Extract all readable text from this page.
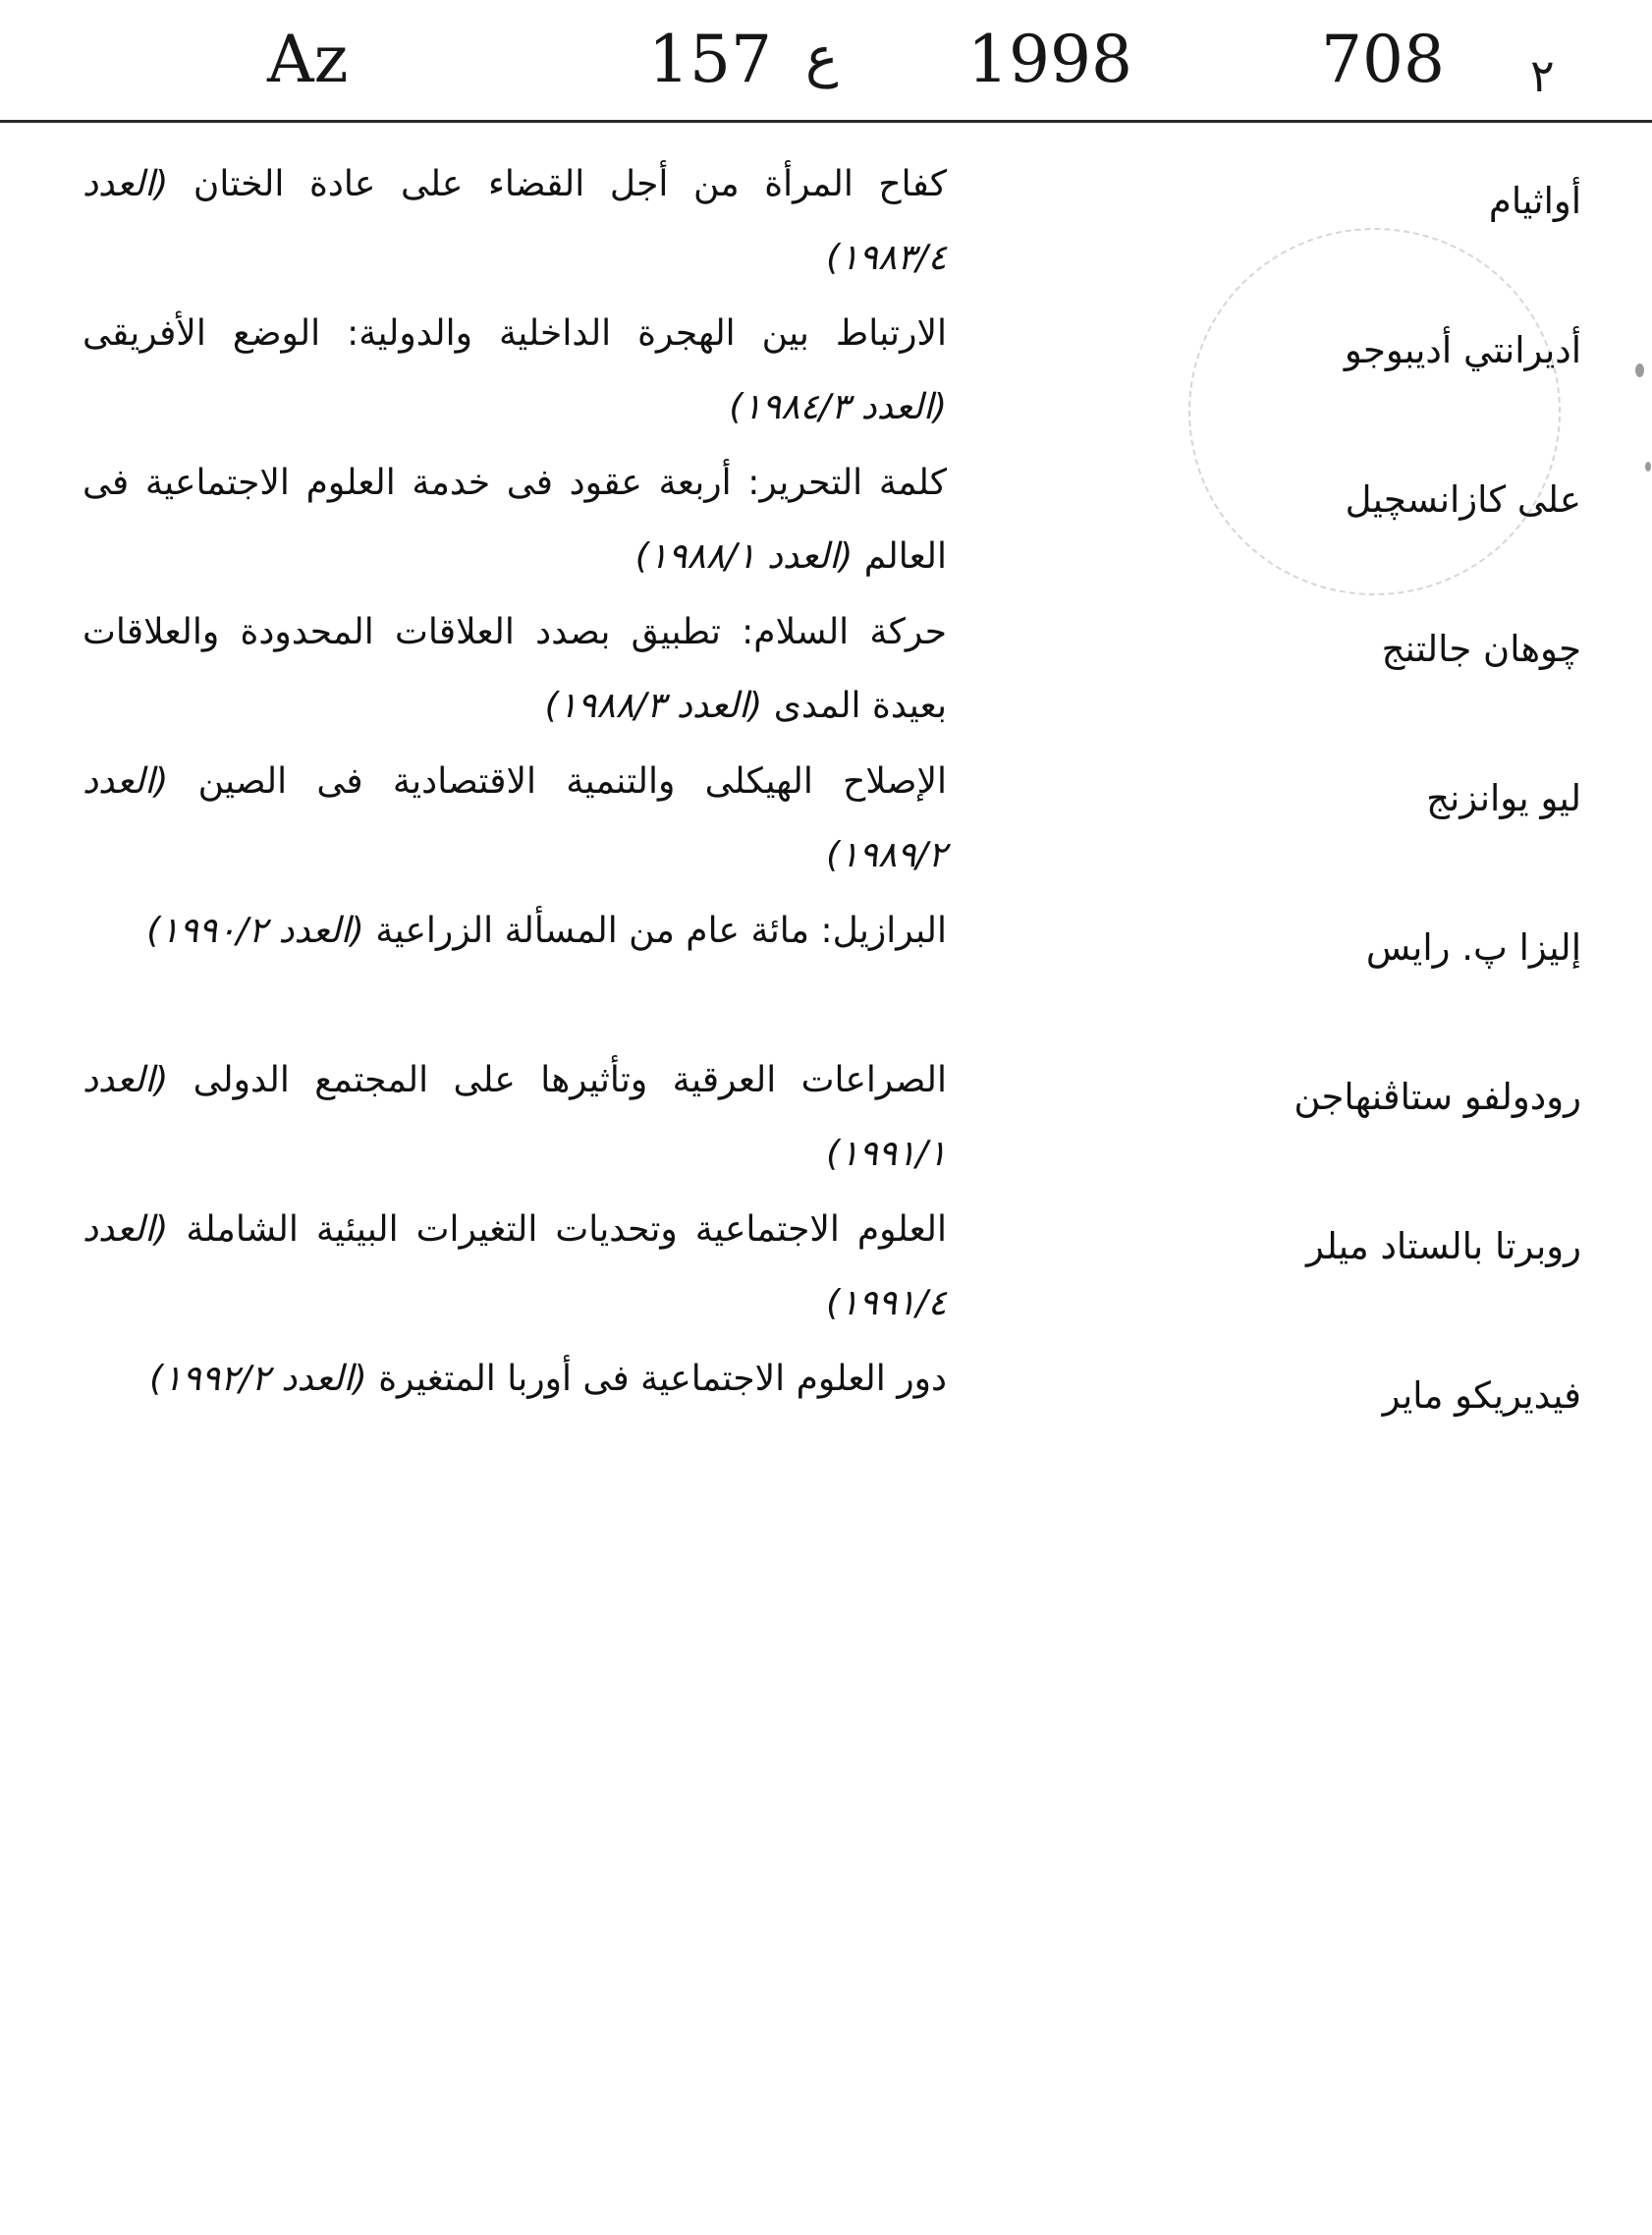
Az	157 ع 1998	708 ٢
أواثيام
كفاح المرأة من أجل القضاء على عادة الختان (العدد ١٩٨٣/٤)
أديرانتي أديبوجو
الارتباط بين الهجرة الداخلية والدولية: الوضع الأفريقى (العدد ١٩٨٤/٣)
على كازانسچيل
كلمة التحرير: أربعة عقود فى خدمة العلوم الاجتماعية فى العالم (العدد ١٩٨٨/١)
چوهان جالتنج
حركة السلام: تطبيق بصدد العلاقات المحدودة والعلاقات بعيدة المدى (العدد ١٩٨٨/٣)
ليو يوانزنج
الإصلاح الهيكلى والتنمية الاقتصادية فى الصين (العدد ١٩٨٩/٢)
إليزا پ. رايس
البرازيل: مائة عام من المسألة الزراعية (العدد ١٩٩٠/٢)
رودولفو ستاڤنهاجن
الصراعات العرقية وتأثيرها على المجتمع الدولى (العدد ١٩٩١/١)
روبرتا بالستاد ميلر
العلوم الاجتماعية وتحديات التغيرات البيئية الشاملة (العدد ١٩٩١/٤)
فيديريكو ماير
دور العلوم الاجتماعية فى أوربا المتغيرة (العدد ١٩٩٢/٢)
